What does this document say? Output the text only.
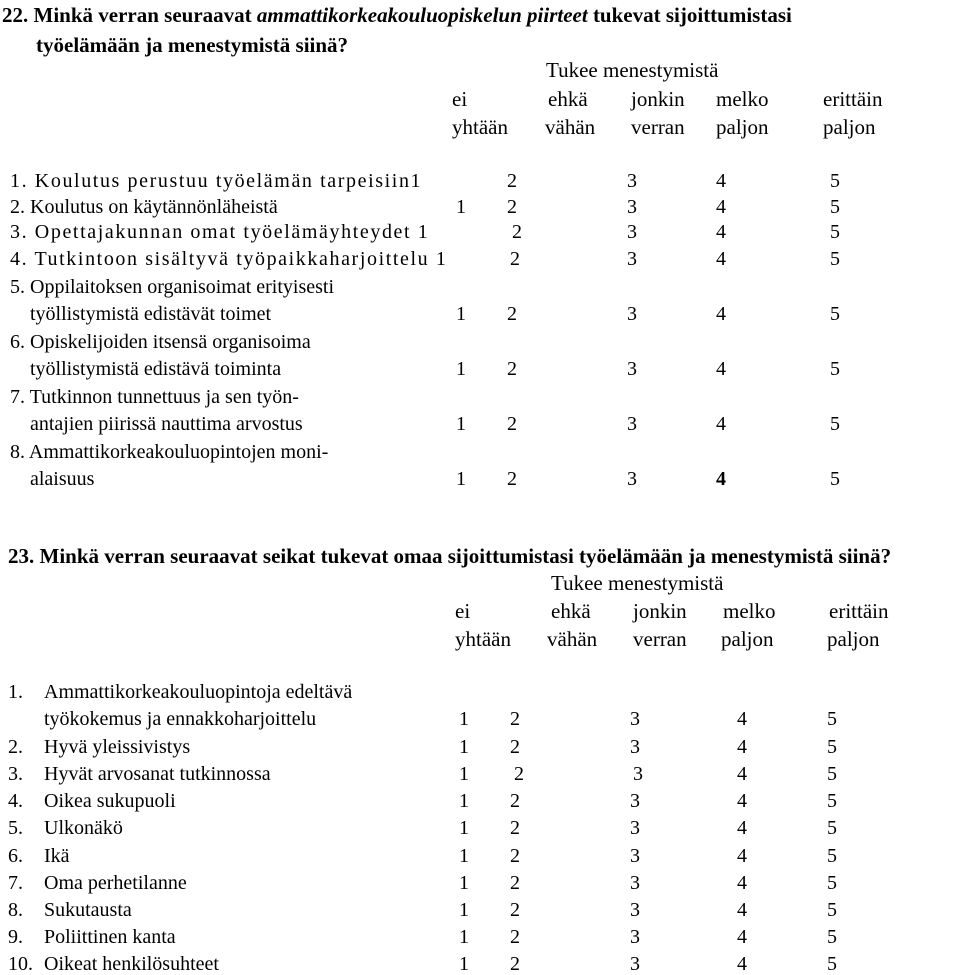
22. Minkä verran seuraavat ammattikorkeakouluopiskelun piirteet tukevat sijoittumistasi
työelämään ja menestymistä siinä?
Tukee menestymistä
ei
yhtään
ehkä
vähän
jonkin
verran
melko
paljon
erittäin
paljon
1. Koulutus perustuu työelämän tarpeisiin1	2	3	4	5
2. Koulutus on käytännönläheistä	1 2	3	4	5
3. Opettajakunnan omat työelämäyhteydet 1	2	3	4	5
4. Tutkintoon sisältyvä työpaikkaharjoittelu 1	2	3	4	5
5. Oppilaitoksen organisoimat erityisesti
työllistymistä edistävät toimet	1 2	3	4	5
6. Opiskelijoiden itsensä organisoima
työllistymistä edistävä toiminta	1 2	3	4	5
7. Tutkinnon tunnettuus ja sen työn-
antajien piirissä nauttima arvostus	1 2	3	4	5
8. Ammattikorkeakouluopintojen moni-
alaisuus	1 2	3	4	5
23. Minkä verran seuraavat seikat tukevat omaa sijoittumistasi työelämään ja menestymistä siinä?
Tukee menestymistä
ei
yhtään
ehkä
vähän
jonkin
verran
melko
paljon
erittäin
paljon
1. Ammattikorkeakouluopintoja edeltävä
työkokemus ja ennakkoharjoittelu	1 2	3	4	5
2. Hyvä yleissivistys	1 2	3	4	5
3. Hyvät arvosanat tutkinnossa	1 2	3	4	5
4. Oikea sukupuoli	1 2	3	4	5
5. Ulkonäkö	1 2	3	4	5
6. Ikä	1 2	3	4	5
7. Oma perhetilanne	1 2	3	4	5
8. Sukutausta	1 2	3	4	5
9. Poliittinen kanta	1 2	3	4	5
10. Oikeat henkilösuhteet	1 2	3	4	5
